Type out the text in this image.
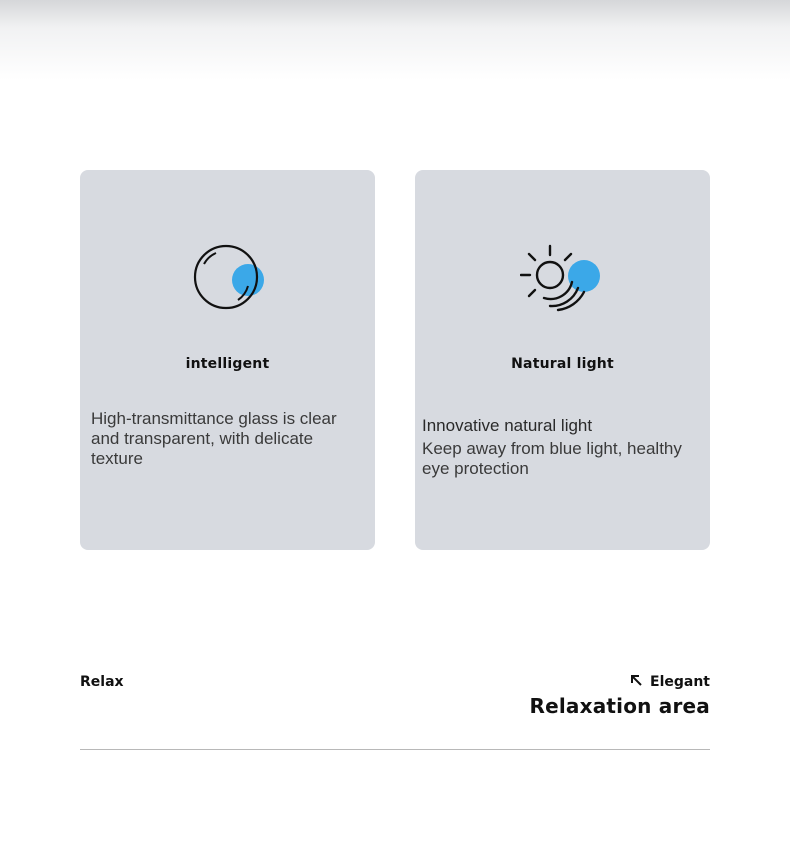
intelligent
High-transmittance glass is clear and transparent, with delicate texture
Natural light
Innovative natural light
Keep away from blue light, healthy eye protection
Relax	Elegant
Relaxation area
